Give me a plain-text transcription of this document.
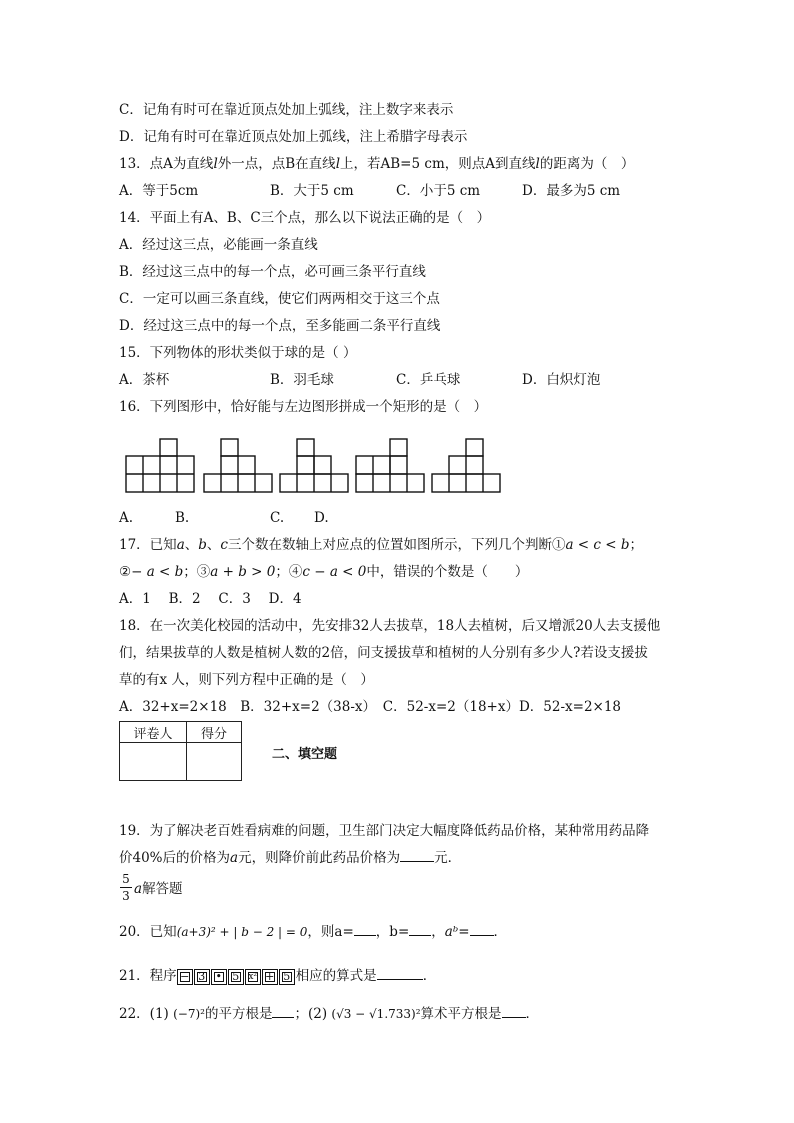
C．记角有时可在靠近顶点处加上弧线，注上数字来表示
D．记角有时可在靠近顶点处加上弧线，注上希腊字母表示
13．点A为直线l外一点，点B在直线l上，若AB=5 cm，则点A到直线l的距离为（　）
A．等于5cm	B．大于5 cm	C．小于5 cm	D．最多为5 cm
14．平面上有A、B、C三个点，那么以下说法正确的是（　）
A．经过这三点，必能画一条直线
B．经过这三点中的每一个点，必可画三条平行直线
C．一定可以画三条直线，使它们两两相交于这三个点
D．经过这三点中的每一个点，至多能画二条平行直线
15．下列物体的形状类似于球的是（ ）
A．茶杯	B．羽毛球	C．乒乓球	D．白炽灯泡
16．下列图形中，恰好能与左边图形拼成一个矩形的是（　）
A.	B.	C. D.
17．已知a、b、c三个数在数轴上对应点的位置如图所示，下列几个判断①a < c < b；
②− a < b；③a + b > 0；④c − a < 0中，错误的个数是（　　）
A．1　 B．2　 C．3　 D．4
18．在一次美化校园的活动中，先安排32人去拔草，18人去植树，后又增派20人去支援他
们，结果拔草的人数是植树人数的2倍，问支援拔草和植树的人分别有多少人?若设支援拔
草的有x 人，则下列方程中正确的是（　）
A．32+x=2×18　B．32+x=2（38-x）　C．52-x=2（18+x）D．52-x=2×18
评卷人	得分

二、填空题
19．为了解决老百姓看病难的问题，卫生部门决定大幅度降低药品价格，某种常用药品降
价40%后的价格为a元，则降价前此药品价格为	元．
5
3 a解答题
20．已知(a+3)² + | b − 2 | = 0，则a= ，b= ，aᵇ= ．
21．程序 − 3 • 5 x² + 5 相应的算式是	．
22．(1) (−7)²的平方根是 ；(2) (√3 − √1.733)²算术平方根是 ．
